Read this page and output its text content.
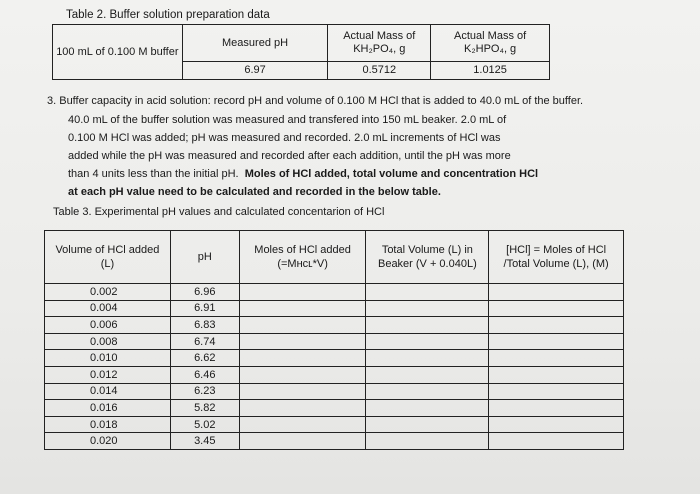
Table 2. Buffer solution preparation data
100 mL of 0.100 M buffer	Measured pH	Actual Mass of KH₂PO₄, g	Actual Mass of K₂HPO₄, g
	6.97	0.5712	1.0125
3. Buffer capacity in acid solution: record pH and volume of 0.100 M HCl that is added to 40.0 mL of the buffer.
40.0 mL of the buffer solution was measured and transfered into 150 mL beaker. 2.0 mL of
0.100 M HCl was added; pH was measured and recorded. 2.0 mL increments of HCl was
added while the pH was measured and recorded after each addition, until the pH was more
than 4 units less than the initial pH. Moles of HCl added, total volume and concentration HCl
at each pH value need to be calculated and recorded in the below table.
Table 3. Experimental pH values and calculated concentarion of HCl
Volume of HCl added (L)	pH	Moles of HCl added (=Mʜᴄʟ*V)	Total Volume (L) in Beaker (V + 0.040L)	[HCl] = Moles of HCl /Total Volume (L), (M)
0.002	6.96			
0.004	6.91			
0.006	6.83			
0.008	6.74			
0.010	6.62			
0.012	6.46			
0.014	6.23			
0.016	5.82			
0.018	5.02			
0.020	3.45			
